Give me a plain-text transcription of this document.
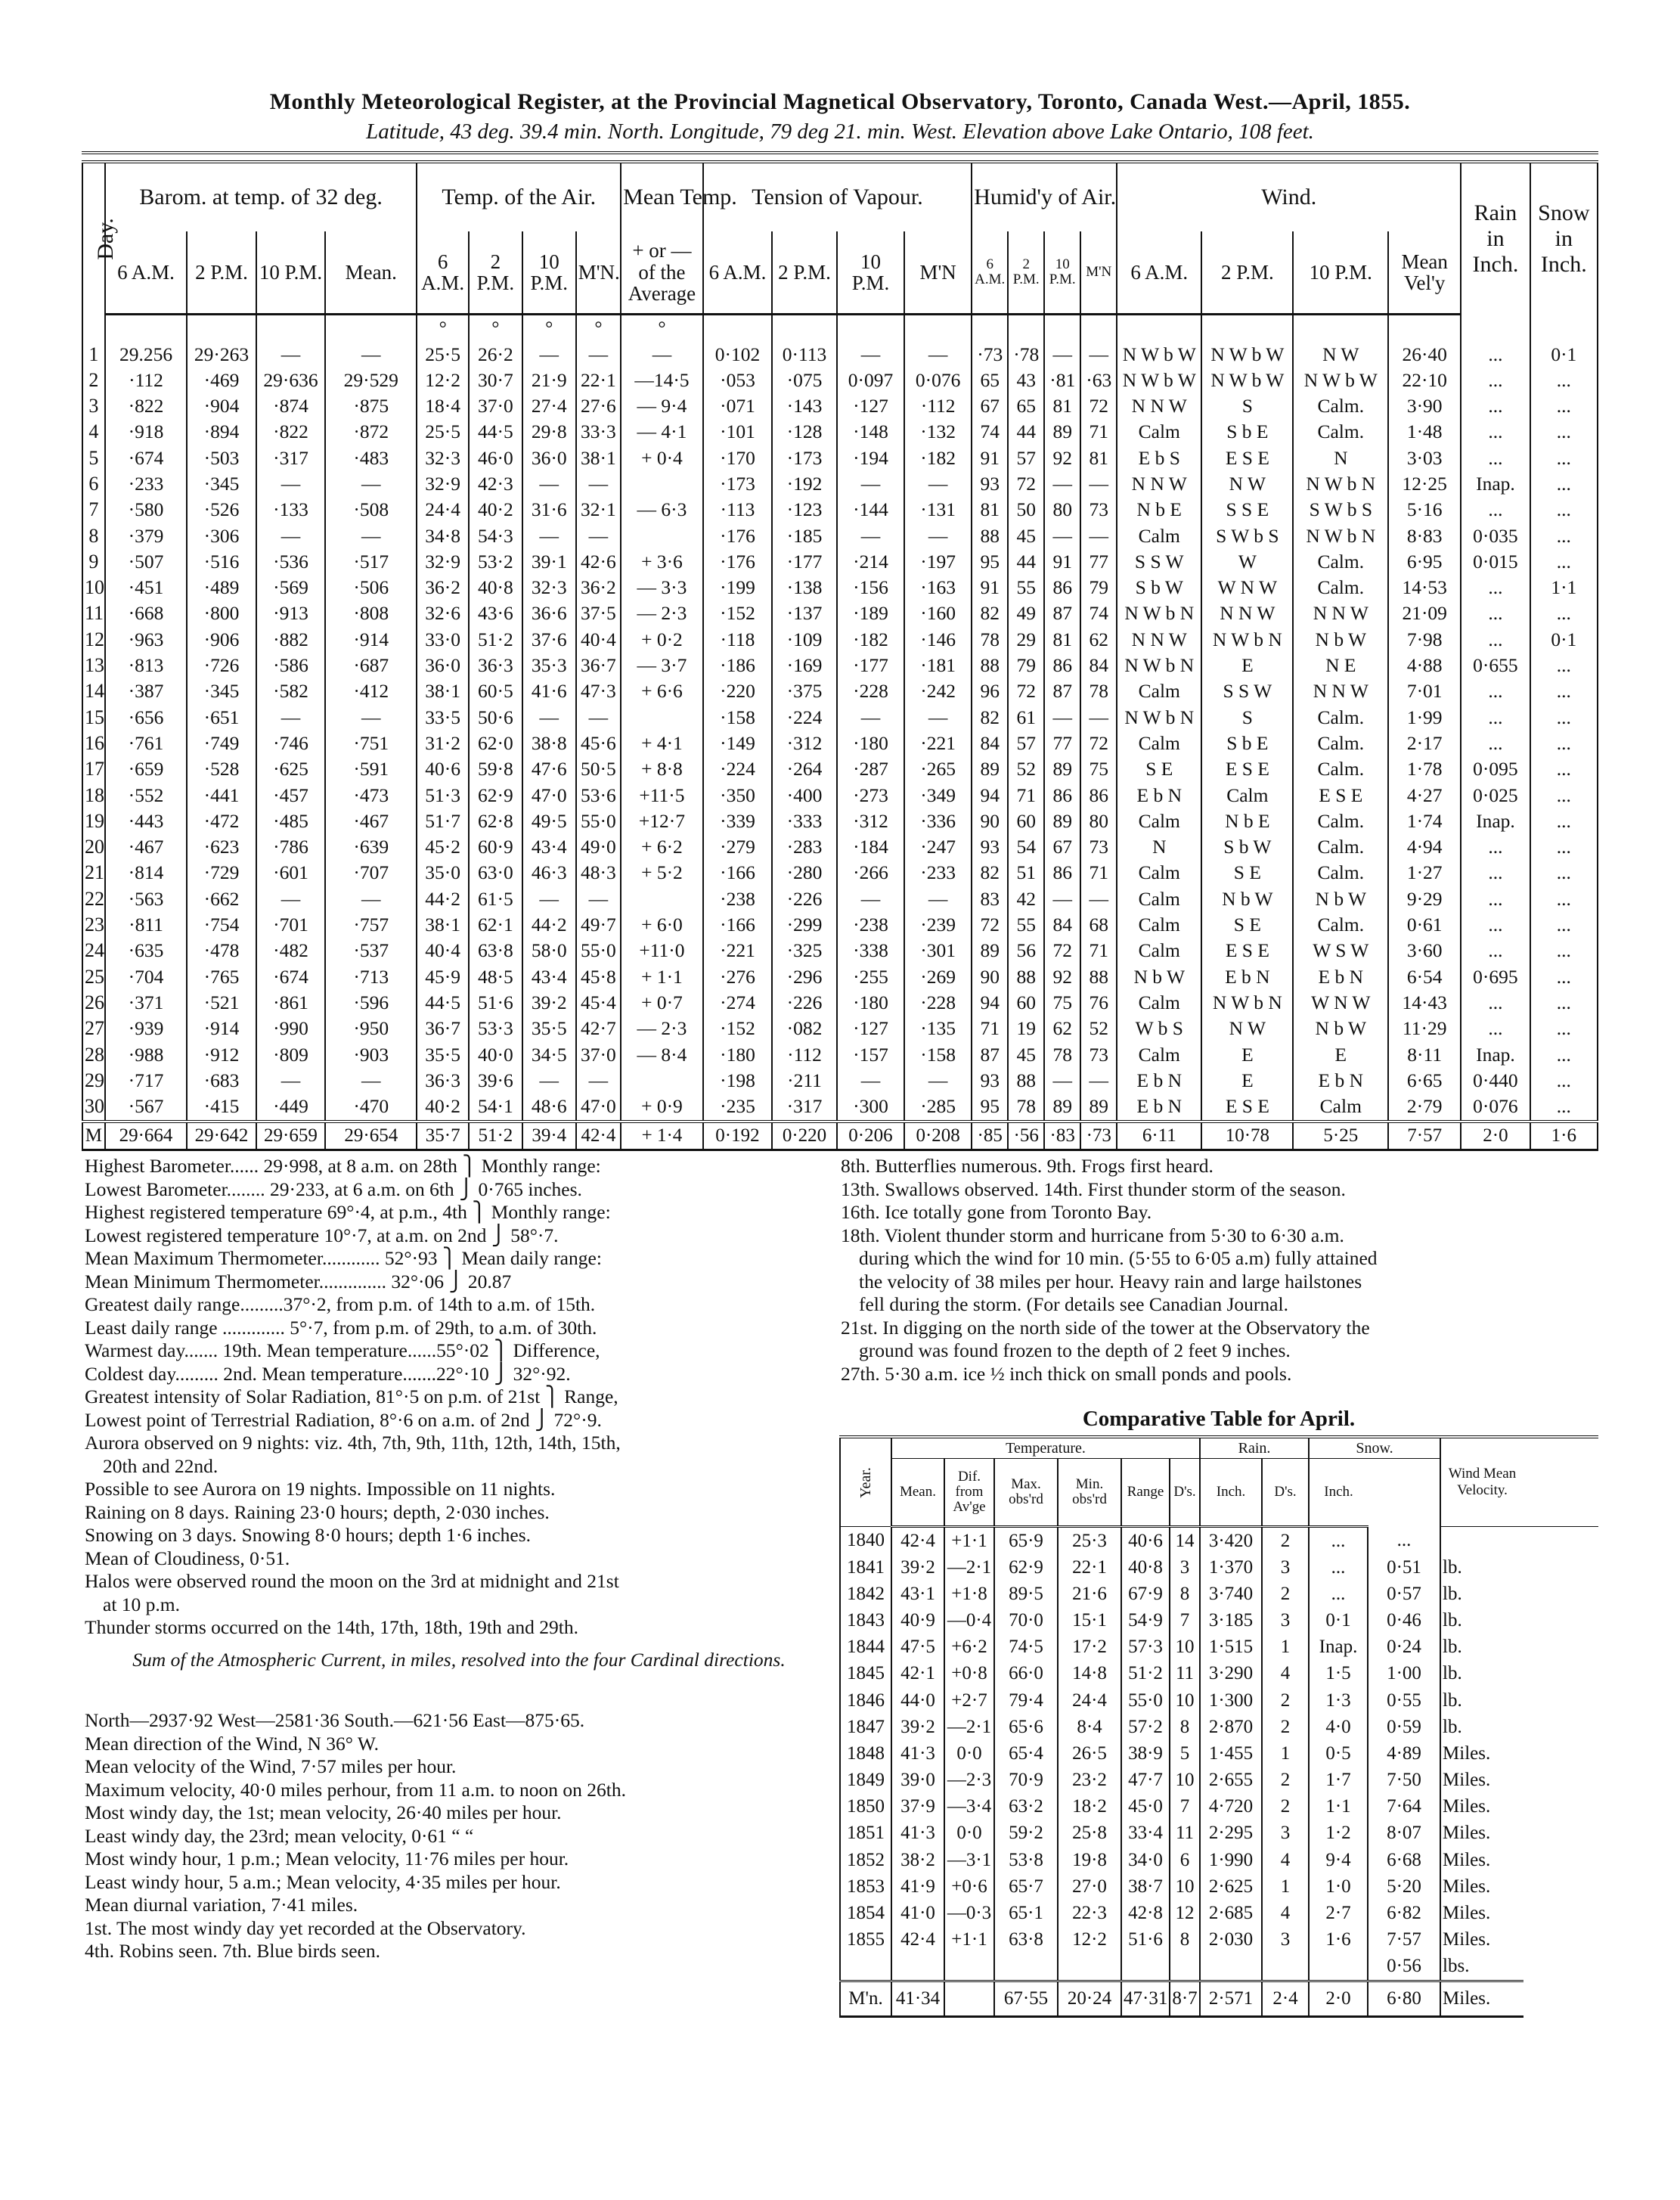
Monthly Meteorological Register, at the Provincial Magnetical Observatory, Toronto, Canada West.—April, 1855.
Latitude, 43 deg. 39.4 min. North. Longitude, 79 deg 21. min. West. Elevation above Lake Ontario, 108 feet.
Day.	Barom. at temp. of 32 deg.				Temp. of the Air.				Mean Temp.	Tension of Vapour.				Humid'y of Air.				Wind.				Rain in Inch.	Snow in Inch.
	6 A.M.	2 P.M.	10 P.M.	Mean.	6 A.M.	2 P.M.	10 P.M.	M'N.	+ or — of the Average	6 A.M.	2 P.M.	10 P.M.	M'N	6 A.M.	2 P.M.	10 P.M.	M'N	6 A.M.	2 P.M.	10 P.M.	Mean Vel'y		
					°	°	°	°	°														
1	29.256	29·263	—	—	25·5	26·2	—	—	—	0·102	0·113	—	—	·73	·78	—	—	N W b W	N W b W	N W	26·40	...	0·1
2	·112	·469	29·636	29·529	12·2	30·7	21·9	22·1	—14·5	·053	·075	0·097	0·076	65	43	·81	·63	N W b W	N W b W	N W b W	22·10	...	...
3	·822	·904	·874	·875	18·4	37·0	27·4	27·6	— 9·4	·071	·143	·127	·112	67	65	81	72	N N W	S	Calm.	3·90	...	...
4	·918	·894	·822	·872	25·5	44·5	29·8	33·3	— 4·1	·101	·128	·148	·132	74	44	89	71	Calm	S b E	Calm.	1·48	...	...
5	·674	·503	·317	·483	32·3	46·0	36·0	38·1	+ 0·4	·170	·173	·194	·182	91	57	92	81	E b S	E S E	N	3·03	...	...
6	·233	·345	—	—	32·9	42·3	—	—		·173	·192	—	—	93	72	—	—	N N W	N W	N W b N	12·25	Inap.	...
7	·580	·526	·133	·508	24·4	40·2	31·6	32·1	— 6·3	·113	·123	·144	·131	81	50	80	73	N b E	S S E	S W b S	5·16	...	...
8	·379	·306	—	—	34·8	54·3	—	—		·176	·185	—	—	88	45	—	—	Calm	S W b S	N W b N	8·83	0·035	...
9	·507	·516	·536	·517	32·9	53·2	39·1	42·6	+ 3·6	·176	·177	·214	·197	95	44	91	77	S S W	W	Calm.	6·95	0·015	...
10	·451	·489	·569	·506	36·2	40·8	32·3	36·2	— 3·3	·199	·138	·156	·163	91	55	86	79	S b W	W N W	Calm.	14·53	...	1·1
11	·668	·800	·913	·808	32·6	43·6	36·6	37·5	— 2·3	·152	·137	·189	·160	82	49	87	74	N W b N	N N W	N N W	21·09	...	...
12	·963	·906	·882	·914	33·0	51·2	37·6	40·4	+ 0·2	·118	·109	·182	·146	78	29	81	62	N N W	N W b N	N b W	7·98	...	0·1
13	·813	·726	·586	·687	36·0	36·3	35·3	36·7	— 3·7	·186	·169	·177	·181	88	79	86	84	N W b N	E	N E	4·88	0·655	...
14	·387	·345	·582	·412	38·1	60·5	41·6	47·3	+ 6·6	·220	·375	·228	·242	96	72	87	78	Calm	S S W	N N W	7·01	...	...
15	·656	·651	—	—	33·5	50·6	—	—		·158	·224	—	—	82	61	—	—	N W b N	S	Calm.	1·99	...	...
16	·761	·749	·746	·751	31·2	62·0	38·8	45·6	+ 4·1	·149	·312	·180	·221	84	57	77	72	Calm	S b E	Calm.	2·17	...	...
17	·659	·528	·625	·591	40·6	59·8	47·6	50·5	+ 8·8	·224	·264	·287	·265	89	52	89	75	S E	E S E	Calm.	1·78	0·095	...
18	·552	·441	·457	·473	51·3	62·9	47·0	53·6	+11·5	·350	·400	·273	·349	94	71	86	86	E b N	Calm	E S E	4·27	0·025	...
19	·443	·472	·485	·467	51·7	62·8	49·5	55·0	+12·7	·339	·333	·312	·336	90	60	89	80	Calm	N b E	Calm.	1·74	Inap.	...
20	·467	·623	·786	·639	45·2	60·9	43·4	49·0	+ 6·2	·279	·283	·184	·247	93	54	67	73	N	S b W	Calm.	4·94	...	...
21	·814	·729	·601	·707	35·0	63·0	46·3	48·3	+ 5·2	·166	·280	·266	·233	82	51	86	71	Calm	S E	Calm.	1·27	...	...
22	·563	·662	—	—	44·2	61·5	—	—		·238	·226	—	—	83	42	—	—	Calm	N b W	N b W	9·29	...	...
23	·811	·754	·701	·757	38·1	62·1	44·2	49·7	+ 6·0	·166	·299	·238	·239	72	55	84	68	Calm	S E	Calm.	0·61	...	...
24	·635	·478	·482	·537	40·4	63·8	58·0	55·0	+11·0	·221	·325	·338	·301	89	56	72	71	Calm	E S E	W S W	3·60	...	...
25	·704	·765	·674	·713	45·9	48·5	43·4	45·8	+ 1·1	·276	·296	·255	·269	90	88	92	88	N b W	E b N	E b N	6·54	0·695	...
26	·371	·521	·861	·596	44·5	51·6	39·2	45·4	+ 0·7	·274	·226	·180	·228	94	60	75	76	Calm	N W b N	W N W	14·43	...	...
27	·939	·914	·990	·950	36·7	53·3	35·5	42·7	— 2·3	·152	·082	·127	·135	71	19	62	52	W b S	N W	N b W	11·29	...	...
28	·988	·912	·809	·903	35·5	40·0	34·5	37·0	— 8·4	·180	·112	·157	·158	87	45	78	73	Calm	E	E	8·11	Inap.	...
29	·717	·683	—	—	36·3	39·6	—	—		·198	·211	—	—	93	88	—	—	E b N	E	E b N	6·65	0·440	...
30	·567	·415	·449	·470	40·2	54·1	48·6	47·0	+ 0·9	·235	·317	·300	·285	95	78	89	89	E b N	E S E	Calm	2·79	0·076	...
M	29·664	29·642	29·659	29·654	35·7	51·2	39·4	42·4	+ 1·4	0·192	0·220	0·206	0·208	·85	·56	·83	·73	6·11	10·78	5·25	7·57	2·0	1·6

Highest Barometer...... 29·998, at 8 a.m. on 28th ⎫ Monthly range:

Lowest Barometer........ 29·233, at 6 a.m. on 6th ⎭ 0·765 inches.

Highest registered temperature 69°·4, at p.m., 4th ⎫ Monthly range:

Lowest registered temperature 10°·7, at a.m. on 2nd ⎭ 58°·7.

Mean Maximum Thermometer............ 52°·93 ⎫ Mean daily range:

Mean Minimum Thermometer.............. 32°·06 ⎭ 20.87

Greatest daily range.........37°·2, from p.m. of 14th to a.m. of 15th.

Least daily range ............. 5°·7, from p.m. of 29th, to a.m. of 30th.

Warmest day....... 19th. Mean temperature......55°·02 ⎫ Difference,

Coldest day......... 2nd. Mean temperature.......22°·10 ⎭ 32°·92.

Greatest intensity of Solar Radiation, 81°·5 on p.m. of 21st ⎫ Range,

Lowest point of Terrestrial Radiation, 8°·6 on a.m. of 2nd ⎭ 72°·9.

Aurora observed on 9 nights: viz. 4th, 7th, 9th, 11th, 12th, 14th, 15th,

20th and 22nd.

Possible to see Aurora on 19 nights. Impossible on 11 nights.

Raining on 8 days. Raining 23·0 hours; depth, 2·030 inches.

Snowing on 3 days. Snowing 8·0 hours; depth 1·6 inches.

Mean of Cloudiness, 0·51.

Halos were observed round the moon on the 3rd at midnight and 21st

at 10 p.m.

Thunder storms occurred on the 14th, 17th, 18th, 19th and 29th.

Sum of the Atmospheric Current, in miles, resolved into the four Cardinal directions.

North—2937·92 West—2581·36 South.—621·56 East—875·65.

Mean direction of the Wind, N 36° W.

Mean velocity of the Wind, 7·57 miles per hour.

Maximum velocity, 40·0 miles perhour, from 11 a.m. to noon on 26th.

Most windy day, the 1st; mean velocity, 26·40 miles per hour.

Least windy day, the 23rd; mean velocity, 0·61 “ “

Most windy hour, 1 p.m.; Mean velocity, 11·76 miles per hour.

Least windy hour, 5 a.m.; Mean velocity, 4·35 miles per hour.

Mean diurnal variation, 7·41 miles.

1st. The most windy day yet recorded at the Observatory.

4th. Robins seen. 7th. Blue birds seen.

8th. Butterflies numerous. 9th. Frogs first heard.

13th. Swallows observed. 14th. First thunder storm of the season.

16th. Ice totally gone from Toronto Bay.

18th. Violent thunder storm and hurricane from 5·30 to 6·30 a.m.

during which the wind for 10 min. (5·55 to 6·05 a.m) fully attained

the velocity of 38 miles per hour. Heavy rain and large hailstones

fell during the storm. (For details see Canadian Journal.

21st. In digging on the north side of the tower at the Observatory the

ground was found frozen to the depth of 2 feet 9 inches.

27th. 5·30 a.m. ice ½ inch thick on small ponds and pools.

Comparative Table for April.
Year.	Temperature.						Rain.		Snow.		Wind Mean Velocity.	
	Mean.	Dif. from Av'ge	Max. obs'rd	Min. obs'rd	Range	D's.	Inch.	D's.	Inch.			
1840	42·4	+1·1	65·9	25·3	40·6	14	3·420	2	...	...		
1841	39·2	—2·1	62·9	22·1	40·8	3	1·370	3	...	0·51	lb.	
1842	43·1	+1·8	89·5	21·6	67·9	8	3·740	2	...	0·57	lb.	
1843	40·9	—0·4	70·0	15·1	54·9	7	3·185	3	0·1	0·46	lb.	
1844	47·5	+6·2	74·5	17·2	57·3	10	1·515	1	Inap.	0·24	lb.	
1845	42·1	+0·8	66·0	14·8	51·2	11	3·290	4	1·5	1·00	lb.	
1846	44·0	+2·7	79·4	24·4	55·0	10	1·300	2	1·3	0·55	lb.	
1847	39·2	—2·1	65·6	8·4	57·2	8	2·870	2	4·0	0·59	lb.	
1848	41·3	0·0	65·4	26·5	38·9	5	1·455	1	0·5	4·89	Miles.	
1849	39·0	—2·3	70·9	23·2	47·7	10	2·655	2	1·7	7·50	Miles.	
1850	37·9	—3·4	63·2	18·2	45·0	7	4·720	2	1·1	7·64	Miles.	
1851	41·3	0·0	59·2	25·8	33·4	11	2·295	3	1·2	8·07	Miles.	
1852	38·2	—3·1	53·8	19·8	34·0	6	1·990	4	9·4	6·68	Miles.	
1853	41·9	+0·6	65·7	27·0	38·7	10	2·625	1	1·0	5·20	Miles.	
1854	41·0	—0·3	65·1	22·3	42·8	12	2·685	4	2·7	6·82	Miles.	
1855	42·4	+1·1	63·8	12·2	51·6	8	2·030	3	1·6	7·57	Miles.	
										0·56	lbs.	
M'n.	41·34		67·55	20·24	47·31	8·7	2·571	2·4	2·0	6·80	Miles.	
